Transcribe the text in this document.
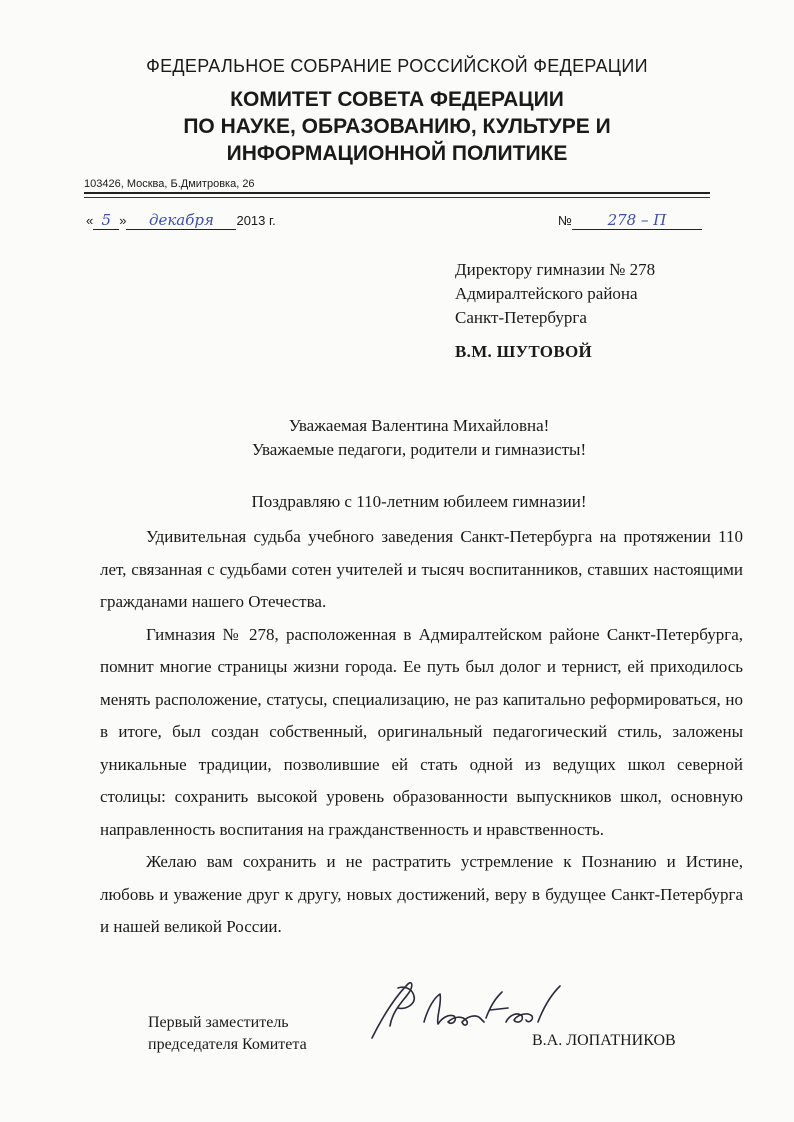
ФЕДЕРАЛЬНОЕ СОБРАНИЕ РОССИЙСКОЙ ФЕДЕРАЦИИ
КОМИТЕТ СОВЕТА ФЕДЕРАЦИИ
ПО НАУКЕ, ОБРАЗОВАНИЮ, КУЛЬТУРЕ И
ИНФОРМАЦИОННОЙ ПОЛИТИКЕ
103426, Москва, Б.Дмитровка, 26
« 5 » декабря 2013 г.	№ 278 – П
Директору гимназии № 278
Адмиралтейского района
Санкт-Петербурга
В.М. ШУТОВОЙ
Уважаемая Валентина Михайловна!
Уважаемые педагоги, родители и гимназисты!
Поздравляю с 110-летним юбилеем гимназии!

Удивительная судьба учебного заведения Санкт-Петербурга на протяжении 110 лет, связанная с судьбами сотен учителей и тысяч воспитанников, ставших настоящими гражданами нашего Отечества.

Гимназия № 278, расположенная в Адмиралтейском районе Санкт-Петербурга, помнит многие страницы жизни города. Ее путь был долог и тернист, ей приходилось менять расположение, статусы, специализацию, не раз капитально реформироваться, но в итоге, был создан собственный, оригинальный педагогический стиль, заложены уникальные традиции, позволившие ей стать одной из ведущих школ северной столицы: сохранить высокой уровень образованности выпускников школ, основную направленность воспитания на гражданственность и нравственность.

Желаю вам сохранить и не растратить устремление к Познанию и Истине, любовь и уважение друг к другу, новых достижений, веру в будущее Санкт-Петербурга и нашей великой России.

Первый заместитель
председателя Комитета	В.А. ЛОПАТНИКОВ
